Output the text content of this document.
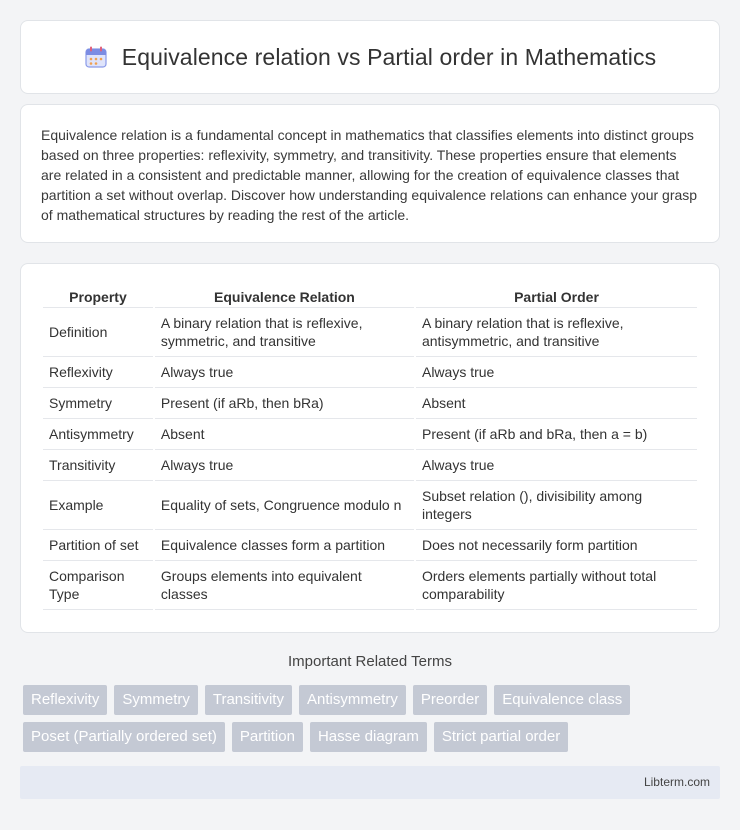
Equivalence relation vs Partial order in Mathematics

Equivalence relation is a fundamental concept in mathematics that classifies elements into distinct groups based on three properties: reflexivity, symmetry, and transitivity. These properties ensure that elements are related in a consistent and predictable manner, allowing for the creation of equivalence classes that partition a set without overlap. Discover how understanding equivalence relations can enhance your grasp of mathematical structures by reading the rest of the article.

Property	Equivalence Relation	Partial Order
Definition	A binary relation that is reflexive, symmetric, and transitive	A binary relation that is reflexive, antisymmetric, and transitive
Reflexivity	Always true	Always true
Symmetry	Present (if aRb, then bRa)	Absent
Antisymmetry	Absent	Present (if aRb and bRa, then a = b)
Transitivity	Always true	Always true
Example	Equality of sets, Congruence modulo n	Subset relation (), divisibility among integers
Partition of set	Equivalence classes form a partition	Does not necessarily form partition
Comparison Type	Groups elements into equivalent classes	Orders elements partially without total comparability
Important Related Terms
Reflexivity	Symmetry	Transitivity	Antisymmetry	Preorder	Equivalence class
Poset (Partially ordered set)	Partition	Hasse diagram	Strict partial order
Libterm.com
